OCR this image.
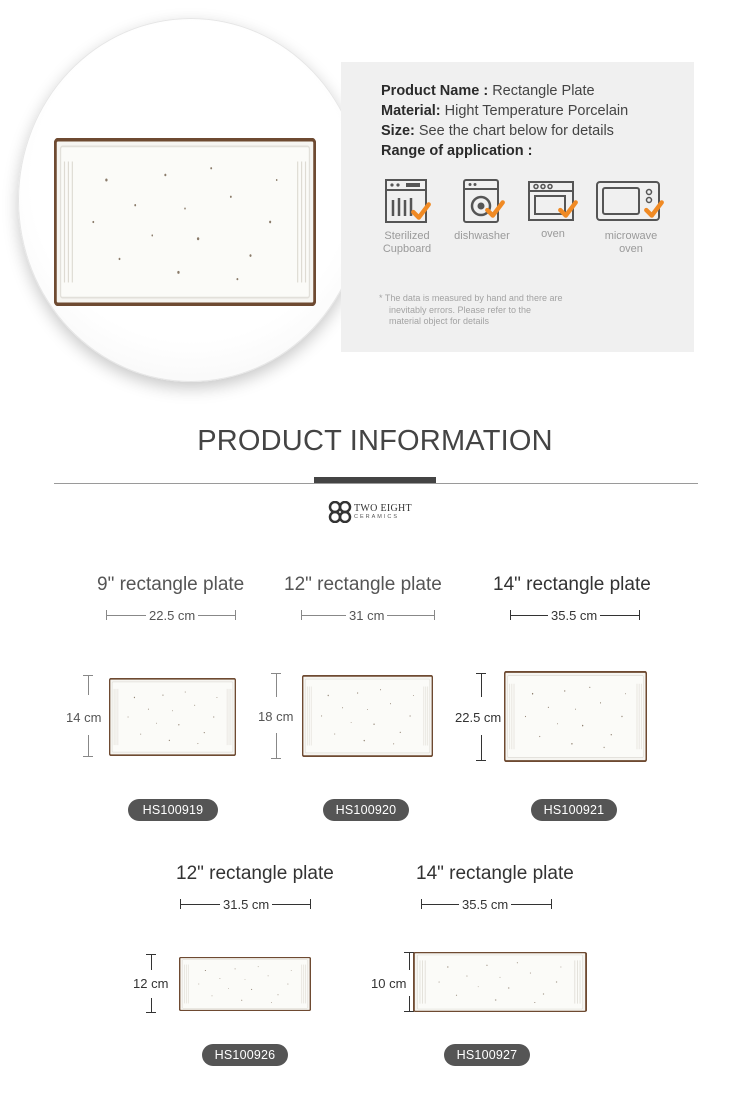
Product Name : Rectangle Plate
Material: Hight Temperature Porcelain
Size: See the chart below for details
Range of application :
Sterilized
Cupboard
dishwasher	oven	microwave
oven
* The data is measured by hand and there are
inevitably errors. Please refer to the
material object for details
PRODUCT INFORMATION
TWO EIGHT
CERAMICS
9" rectangle plate
22.5 cm
14 cm
HS100919
12" rectangle plate
31 cm
18 cm
HS100920
14" rectangle plate
35.5 cm
22.5 cm
HS100921
12" rectangle plate
31.5 cm
12 cm
HS100926
14" rectangle plate
35.5 cm
10 cm
HS100927
